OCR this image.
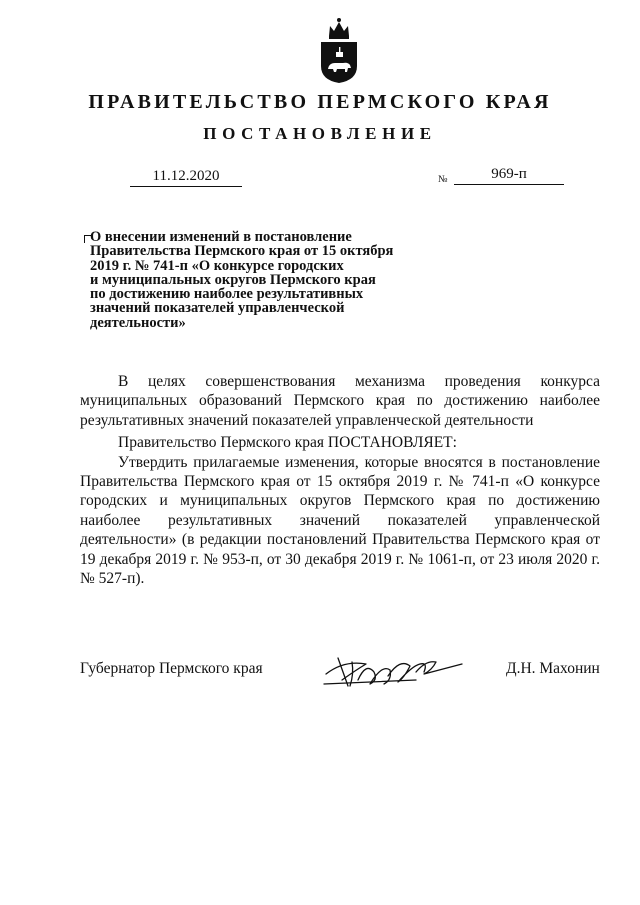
ПРАВИТЕЛЬСТВО ПЕРМСКОГО КРАЯ
ПОСТАНОВЛЕНИЕ
11.12.2020	№	969-п

О внесении изменений в постановление
Правительства Пермского края от 15 октября
2019 г. № 741-п «О конкурсе городских
и муниципальных округов Пермского края
по достижению наиболее результативных
значений показателей управленческой
деятельности»

В целях совершенствования механизма проведения конкурса муниципальных образований Пермского края по достижению наиболее результативных значений показателей управленческой деятельности

Правительство Пермского края ПОСТАНОВЛЯЕТ:

Утвердить прилагаемые изменения, которые вносятся в постановление Правительства Пермского края от 15 октября 2019 г. № 741-п «О конкурсе городских и муниципальных округов Пермского края по достижению наиболее результативных значений показателей управленческой деятельности» (в редакции постановлений Правительства Пермского края от 19 декабря 2019 г. № 953-п, от 30 декабря 2019 г. № 1061-п, от 23 июля 2020 г. № 527-п).

Губернатор Пермского края	Д.Н. Махонин
